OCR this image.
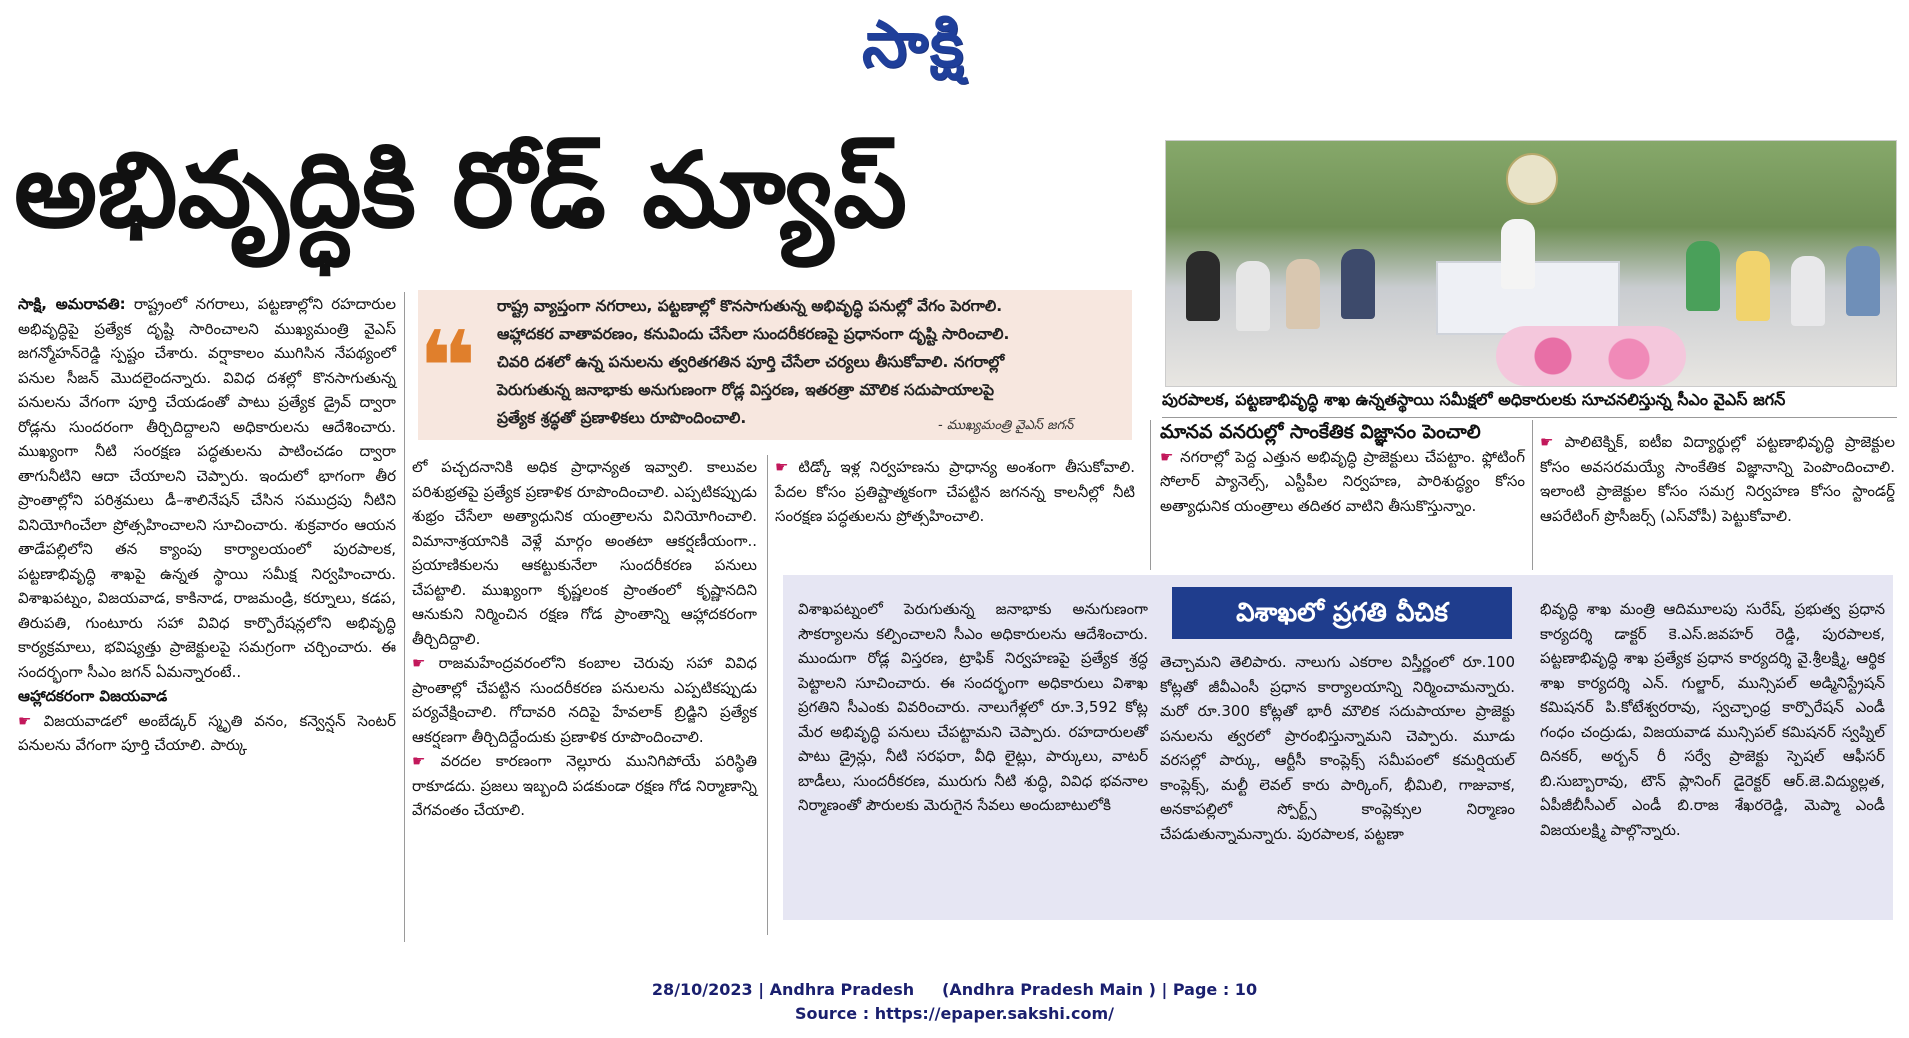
సాక్షి
అభివృద్ధికి రోడ్ మ్యాప్
పురపాలక, పట్టణాభివృద్ధి శాఖ ఉన్నతస్థాయి సమీక్షలో అధికారులకు సూచనలిస్తున్న సీఎం వైఎస్ జగన్
❝
రాష్ట్ర వ్యాప్తంగా నగరాలు, పట్టణాల్లో కొనసాగుతున్న అభివృద్ధి పనుల్లో వేగం పెరగాలి.
ఆహ్లాదకర వాతావరణం, కనువిందు చేసేలా సుందరీకరణపై ప్రధానంగా దృష్టి సారించాలి.
చివరి దశలో ఉన్న పనులను త్వరితగతిన పూర్తి చేసేలా చర్యలు తీసుకోవాలి. నగరాల్లో
పెరుగుతున్న జనాభాకు అనుగుణంగా రోడ్ల విస్తరణ, ఇతరత్రా మౌలిక సదుపాయాలపై
ప్రత్యేక శ్రద్ధతో ప్రణాళికలు రూపొందించాలి.	- ముఖ్యమంత్రి వైఎస్ జగన్

సాక్షి, అమరావతి: రాష్ట్రంలో నగరాలు, పట్టణాల్లోని రహదారుల అభివృద్ధిపై ప్రత్యేక దృష్టి సారించాలని ముఖ్యమంత్రి వైఎస్ జగన్మోహన్‌రెడ్డి స్పష్టం చేశారు. వర్షాకాలం ముగిసిన నేపథ్యంలో పనుల సీజన్ మొదలైందన్నారు. వివిధ దశల్లో కొనసాగుతున్న పనులను వేగంగా పూర్తి చేయడంతో పాటు ప్రత్యేక డ్రైవ్ ద్వారా రోడ్లను సుందరంగా తీర్చిదిద్దాలని అధికారులను ఆదేశించారు. ముఖ్యంగా నీటి సంరక్షణ పద్ధతులను పాటించడం ద్వారా తాగునీటిని ఆదా చేయాలని చెప్పారు. ఇందులో భాగంగా తీర ప్రాంతాల్లోని పరిశ్రమలు డీ–శాలినేషన్ చేసిన సముద్రపు నీటిని వినియోగించేలా ప్రోత్సహించాలని సూచించారు. శుక్రవారం ఆయన తాడేపల్లిలోని తన క్యాంపు కార్యాలయంలో పురపాలక, పట్టణాభివృద్ధి శాఖపై ఉన్నత స్థాయి సమీక్ష నిర్వహించారు. విశాఖపట్నం, విజయవాడ, కాకినాడ, రాజమండ్రి, కర్నూలు, కడప, తిరుపతి, గుంటూరు సహా వివిధ కార్పొరేషన్లలోని అభివృద్ధి కార్యక్రమాలు, భవిష్యత్తు ప్రాజెక్టులపై సమగ్రంగా చర్చించారు. ఈ సందర్భంగా సీఎం జగన్ ఏమన్నారంటే..

ఆహ్లాదకరంగా విజయవాడ

☛ విజయవాడలో అంబేడ్కర్ స్మృతి వనం, కన్వెన్షన్ సెంటర్ పనులను వేగంగా పూర్తి చేయాలి. పార్కు

లో పచ్చదనానికి అధిక ప్రాధాన్యత ఇవ్వాలి. కాలువల పరిశుభ్రతపై ప్రత్యేక ప్రణాళిక రూపొందించాలి. ఎప్పటికప్పుడు శుభ్రం చేసేలా అత్యాధునిక యంత్రాలను వినియోగించాలి. విమానాశ్రయానికి వెళ్లే మార్గం అంతటా ఆకర్షణీయంగా.. ప్రయాణికులను ఆకట్టుకునేలా సుందరీకరణ పనులు చేపట్టాలి. ముఖ్యంగా కృష్ణలంక ప్రాంతంలో కృష్ణానదిని ఆనుకుని నిర్మించిన రక్షణ గోడ ప్రాంతాన్ని ఆహ్లాదకరంగా తీర్చిదిద్దాలి.

☛ రాజమహేంద్రవరంలోని కంబాల చెరువు సహా వివిధ ప్రాంతాల్లో చేపట్టిన సుందరీకరణ పనులను ఎప్పటికప్పుడు పర్యవేక్షించాలి. గోదావరి నదిపై హేవలాక్ బ్రిడ్జిని ప్రత్యేక ఆకర్షణగా తీర్చిదిద్దేందుకు ప్రణాళిక రూపొందించాలి.

☛ వరదల కారణంగా నెల్లూరు మునిగిపోయే పరిస్థితి రాకూడదు. ప్రజలు ఇబ్బంది పడకుండా రక్షణ గోడ నిర్మాణాన్ని వేగవంతం చేయాలి.

☛ టిడ్కో ఇళ్ల నిర్వహణను ప్రాధాన్య అంశంగా తీసుకోవాలి. పేదల కోసం ప్రతిష్టాత్మకంగా చేపట్టిన జగనన్న కాలనీల్లో నీటి సంరక్షణ పద్ధతులను ప్రోత్సహించాలి.

మానవ వనరుల్లో సాంకేతిక విజ్ఞానం పెంచాలి

☛ నగరాల్లో పెద్ద ఎత్తున అభివృద్ధి ప్రాజెక్టులు చేపట్టాం. ఫ్లోటింగ్ సోలార్ ప్యానెల్స్, ఎస్టీపీల నిర్వహణ, పారిశుద్ధ్యం కోసం అత్యాధునిక యంత్రాలు తదితర వాటిని తీసుకొస్తున్నాం.

☛ పాలిటెక్నిక్, ఐటీఐ విద్యార్థుల్లో పట్టణాభివృద్ధి ప్రాజెక్టుల కోసం అవసరమయ్యే సాంకేతిక విజ్ఞానాన్ని పెంపొందించాలి. ఇలాంటి ప్రాజెక్టుల కోసం సమగ్ర నిర్వహణ కోసం స్టాండర్డ్ ఆపరేటింగ్ ప్రొసీజర్స్ (ఎస్‌వోపీ) పెట్టుకోవాలి.

విశాఖలో ప్రగతి వీచిక

విశాఖపట్నంలో పెరుగుతున్న జనాభాకు అనుగుణంగా సౌకర్యాలను కల్పించాలని సీఎం అధికారులను ఆదేశించారు. ముందుగా రోడ్ల విస్తరణ, ట్రాఫిక్ నిర్వహణపై ప్రత్యేక శ్రద్ధ పెట్టాలని సూచించారు. ఈ సందర్భంగా అధికారులు విశాఖ ప్రగతిని సీఎంకు వివరించారు. నాలుగేళ్లలో రూ.3,592 కోట్ల మేర అభివృద్ధి పనులు చేపట్టామని చెప్పారు. రహదారులతో పాటు డ్రైన్లు, నీటి సరఫరా, వీధి లైట్లు, పార్కులు, వాటర్ బాడీలు, సుందరీకరణ, మురుగు నీటి శుద్ధి, వివిధ భవనాల నిర్మాణంతో పౌరులకు మెరుగైన సేవలు అందుబాటులోకి

తెచ్చామని తెలిపారు. నాలుగు ఎకరాల విస్తీర్ణంలో రూ.100 కోట్లతో జీవీఎంసీ ప్రధాన కార్యాలయాన్ని నిర్మించామన్నారు. మరో రూ.300 కోట్లతో భారీ మౌలిక సదుపాయాల ప్రాజెక్టు పనులను త్వరలో ప్రారంభిస్తున్నామని చెప్పారు. మూడు వరసల్లో పార్కు, ఆర్టీసీ కాంప్లెక్స్ సమీపంలో కమర్షియల్ కాంప్లెక్స్, మల్టీ లెవల్ కారు పార్కింగ్, భీమిలి, గాజువాక, అనకాపల్లిలో స్పోర్ట్స్ కాంప్లెక్సుల నిర్మాణం చేపడుతున్నామన్నారు. పురపాలక, పట్టణా

భివృద్ధి శాఖ మంత్రి ఆదిమూలపు సురేష్, ప్రభుత్వ ప్రధాన కార్యదర్శి డాక్టర్ కె.ఎస్.జవహర్ రెడ్డి, పురపాలక, పట్టణాభివృద్ధి శాఖ ప్రత్యేక ప్రధాన కార్యదర్శి వై.శ్రీలక్ష్మి, ఆర్థిక శాఖ కార్యదర్శి ఎన్. గుల్జార్, మున్సిపల్ అడ్మినిస్ట్రేషన్ కమిషనర్ పి.కోటేశ్వరరావు, స్వచ్ఛాంధ్ర కార్పొరేషన్ ఎండీ గంధం చంద్రుడు, విజయవాడ మున్సిపల్ కమిషనర్ స్వప్నిల్ దినకర్, అర్బన్ రీ సర్వే ప్రాజెక్టు స్పెషల్ ఆఫీసర్ బి.సుబ్బారావు, టౌన్ ప్లానింగ్ డైరెక్టర్ ఆర్.జె.విద్యుల్లత, ఏపీజీబీసీఎల్ ఎండీ బి.రాజ శేఖరరెడ్డి, మెప్మా ఎండీ విజయలక్ష్మి పాల్గొన్నారు.

28/10/2023 | Andhra Pradesh     (Andhra Pradesh Main ) | Page : 10
Source : https://epaper.sakshi.com/
